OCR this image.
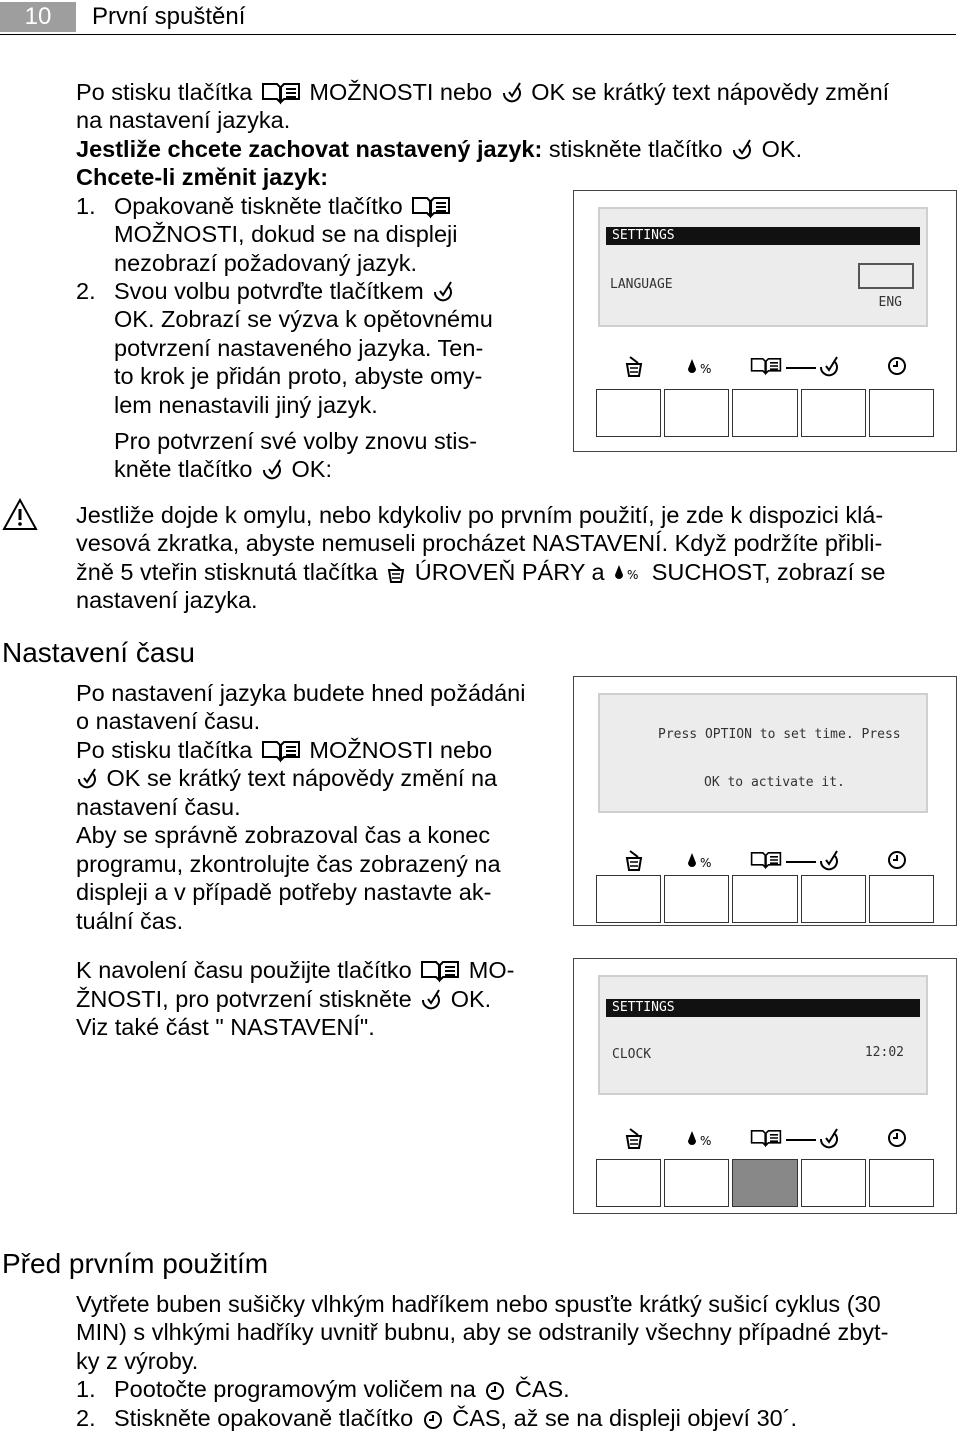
10	První spuštění
Po stisku tlačítka MOŽNOSTI nebo OK se krátký text nápovědy změní
na nastavení jazyka.
Jestliže chcete zachovat nastavený jazyk: stiskněte tlačítko OK.
Chcete-li změnit jazyk:
1. Opakovaně tiskněte tlačítko
MOŽNOSTI, dokud se na displeji
nezobrazí požadovaný jazyk.
2. Svou volbu potvrďte tlačítkem
OK. Zobrazí se výzva k opětovnému
potvrzení nastaveného jazyka. Ten-
to krok je přidán proto, abyste omy-
lem nenastavili jiný jazyk.
Pro potvrzení své volby znovu stis-
kněte tlačítko OK:
SETTINGS
LANGUAGE
ENG
%
Jestliže dojde k omylu, nebo kdykoliv po prvním použití, je zde k dispozici klá-
vesová zkratka, abyste nemuseli procházet NASTAVENÍ. Když podržíte přibli-
žně 5 vteřin stisknutá tlačítka ÚROVEŇ PÁRY a % SUCHOST, zobrazí se
nastavení jazyka.
Nastavení času
Po nastavení jazyka budete hned požádáni
o nastavení času.
Po stisku tlačítka MOŽNOSTI nebo
OK se krátký text nápovědy změní na
nastavení času.
Aby se správně zobrazoval čas a konec
programu, zkontrolujte čas zobrazený na
displeji a v případě potřeby nastavte ak-
tuální čas.
K navolení času použijte tlačítko MO-
ŽNOSTI, pro potvrzení stiskněte OK.
Viz také část " NASTAVENÍ".
Press OPTION to set time. Press
OK to activate it.
%
SETTINGS
CLOCK	12:02
%
Před prvním použitím
Vytřete buben sušičky vlhkým hadříkem nebo spusťte krátký sušicí cyklus (30
MIN) s vlhkými hadříky uvnitř bubnu, aby se odstranily všechny případné zbyt-
ky z výroby.
1. Pootočte programovým voličem na ČAS.
2. Stiskněte opakovaně tlačítko ČAS, až se na displeji objeví 30´.
